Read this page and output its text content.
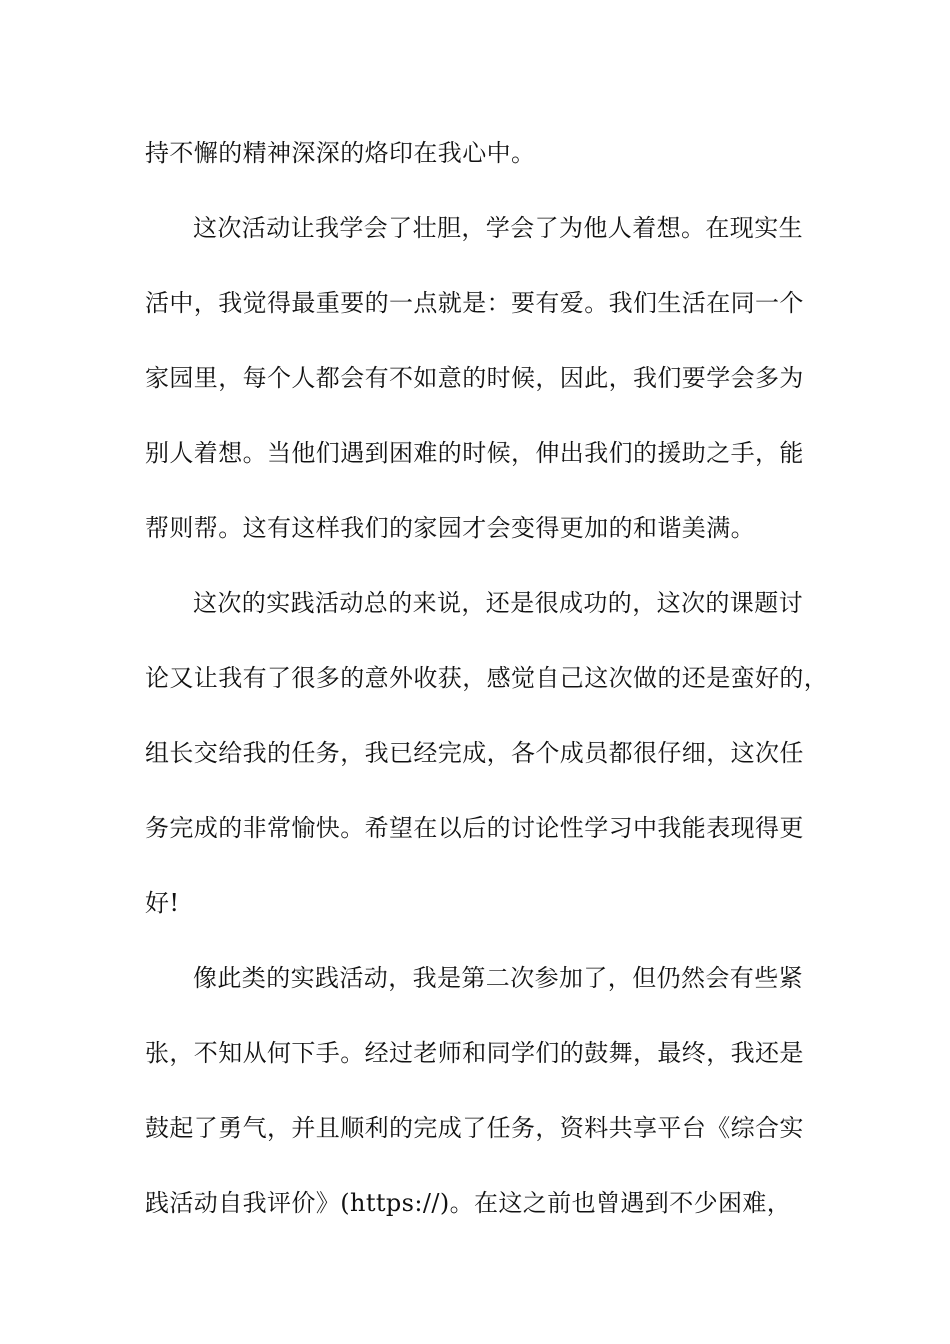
持不懈的精神深深的烙印在我心中。
这次活动让我学会了壮胆，学会了为他人着想。在现实生
活中，我觉得最重要的一点就是：要有爱。我们生活在同一个
家园里，每个人都会有不如意的时候，因此，我们要学会多为
别人着想。当他们遇到困难的时候，伸出我们的援助之手，能
帮则帮。这有这样我们的家园才会变得更加的和谐美满。
这次的实践活动总的来说，还是很成功的，这次的课题讨
论又让我有了很多的意外收获，感觉自己这次做的还是蛮好的，
组长交给我的任务，我已经完成，各个成员都很仔细，这次任
务完成的非常愉快。希望在以后的讨论性学习中我能表现得更
好!
像此类的实践活动，我是第二次参加了，但仍然会有些紧
张，不知从何下手。经过老师和同学们的鼓舞，最终，我还是
鼓起了勇气，并且顺利的完成了任务，资料共享平台《综合实
践活动自我评价》(https://)。在这之前也曾遇到不少困难，
